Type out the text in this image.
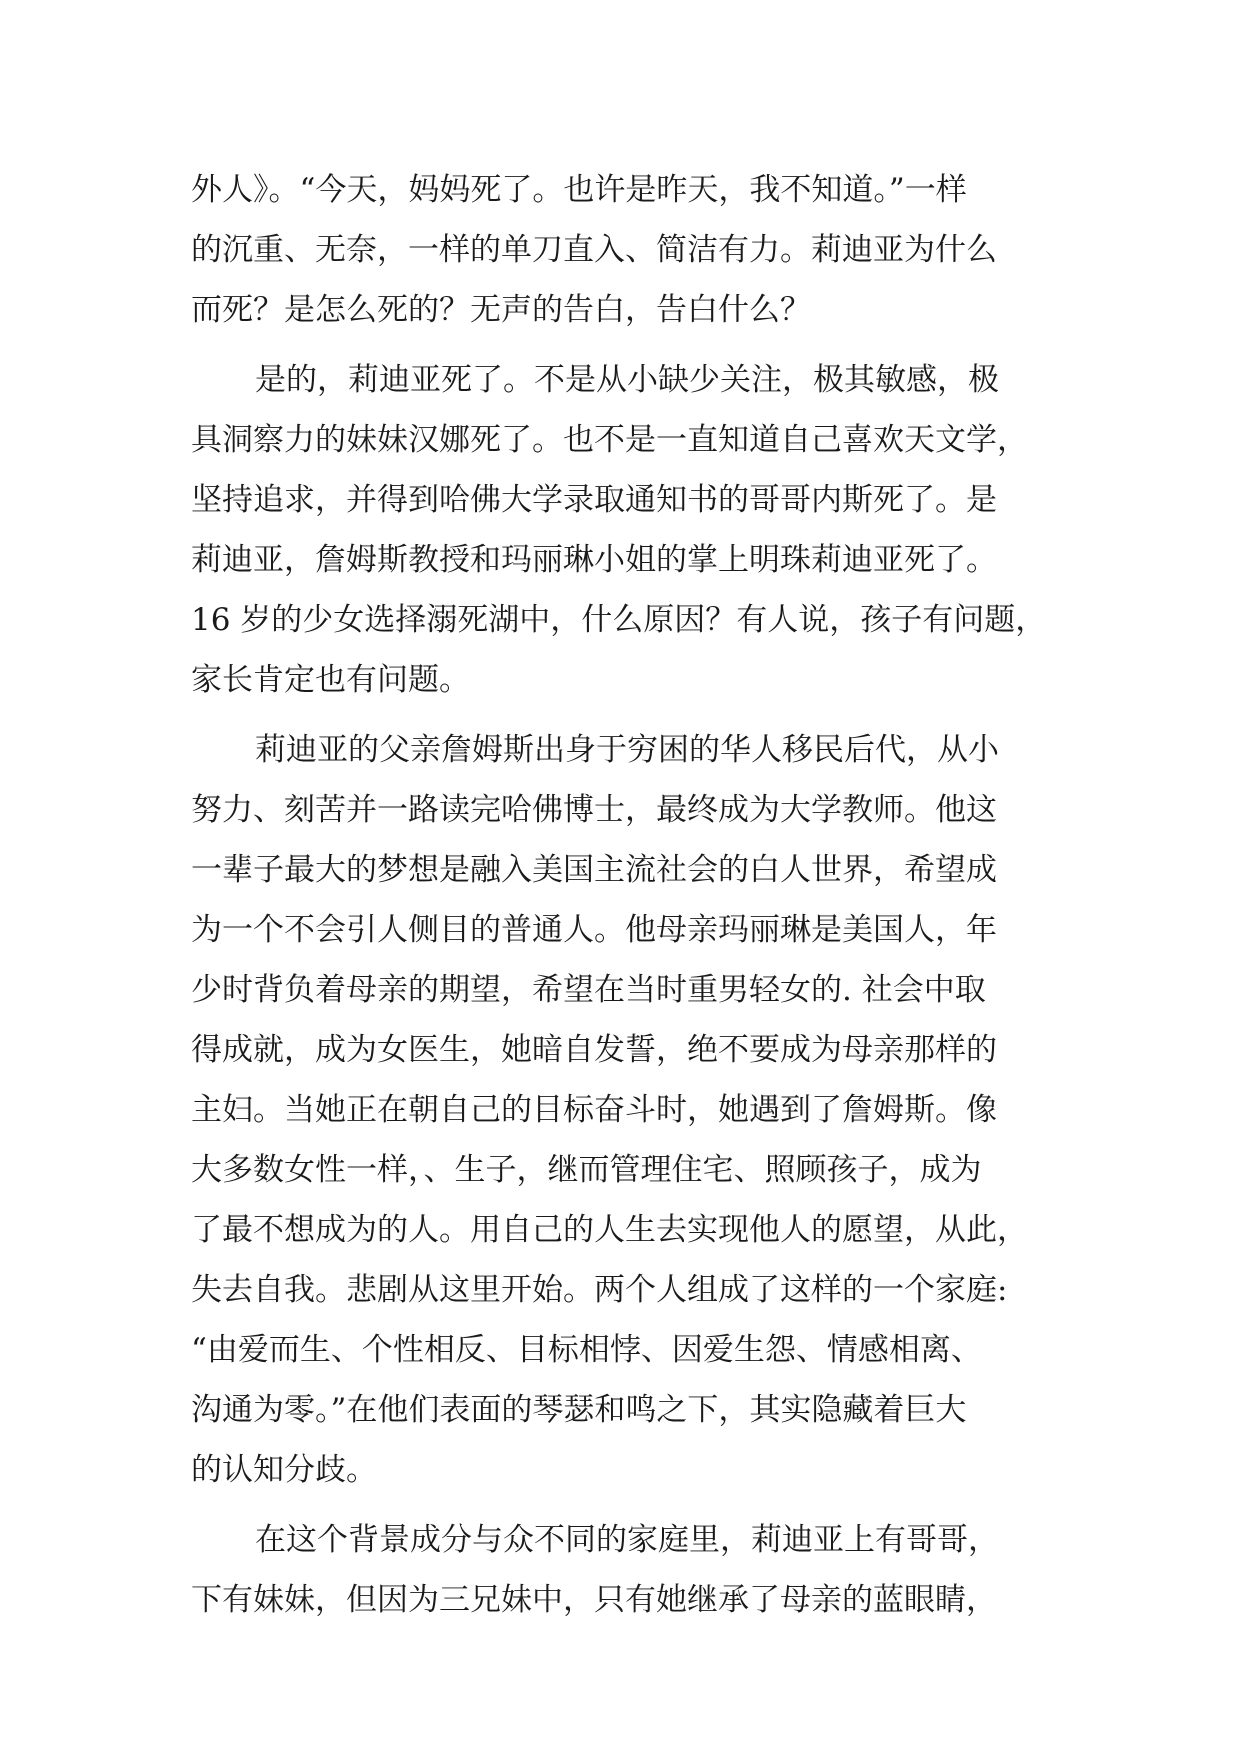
外人》。“今天，妈妈死了。也许是昨天，我不知道。”一样
的沉重、无奈，一样的单刀直入、简洁有力。莉迪亚为什么
而死？是怎么死的？无声的告白，告白什么？
是的，莉迪亚死了。不是从小缺少关注，极其敏感，极
具洞察力的妹妹汉娜死了。也不是一直知道自己喜欢天文学，
坚持追求，并得到哈佛大学录取通知书的哥哥内斯死了。是
莉迪亚，詹姆斯教授和玛丽琳小姐的掌上明珠莉迪亚死了。
16 岁的少女选择溺死湖中，什么原因？有人说，孩子有问题，
家长肯定也有问题。
莉迪亚的父亲詹姆斯出身于穷困的华人移民后代，从小
努力、刻苦并一路读完哈佛博士，最终成为大学教师。他这
一辈子最大的梦想是融入美国主流社会的白人世界，希望成
为一个不会引人侧目的普通人。他母亲玛丽琳是美国人，年
少时背负着母亲的期望，希望在当时重男轻女的. 社会中取
得成就，成为女医生，她暗自发誓，绝不要成为母亲那样的
主妇。当她正在朝自己的目标奋斗时，她遇到了詹姆斯。像
大多数女性一样，、生子，继而管理住宅、照顾孩子，成为
了最不想成为的人。用自己的人生去实现他人的愿望，从此，
失去自我。悲剧从这里开始。两个人组成了这样的一个家庭:
“由爱而生、个性相反、目标相悖、因爱生怨、情感相离、
沟通为零。”在他们表面的琴瑟和鸣之下，其实隐藏着巨大
的认知分歧。
在这个背景成分与众不同的家庭里，莉迪亚上有哥哥，
下有妹妹，但因为三兄妹中，只有她继承了母亲的蓝眼睛，
